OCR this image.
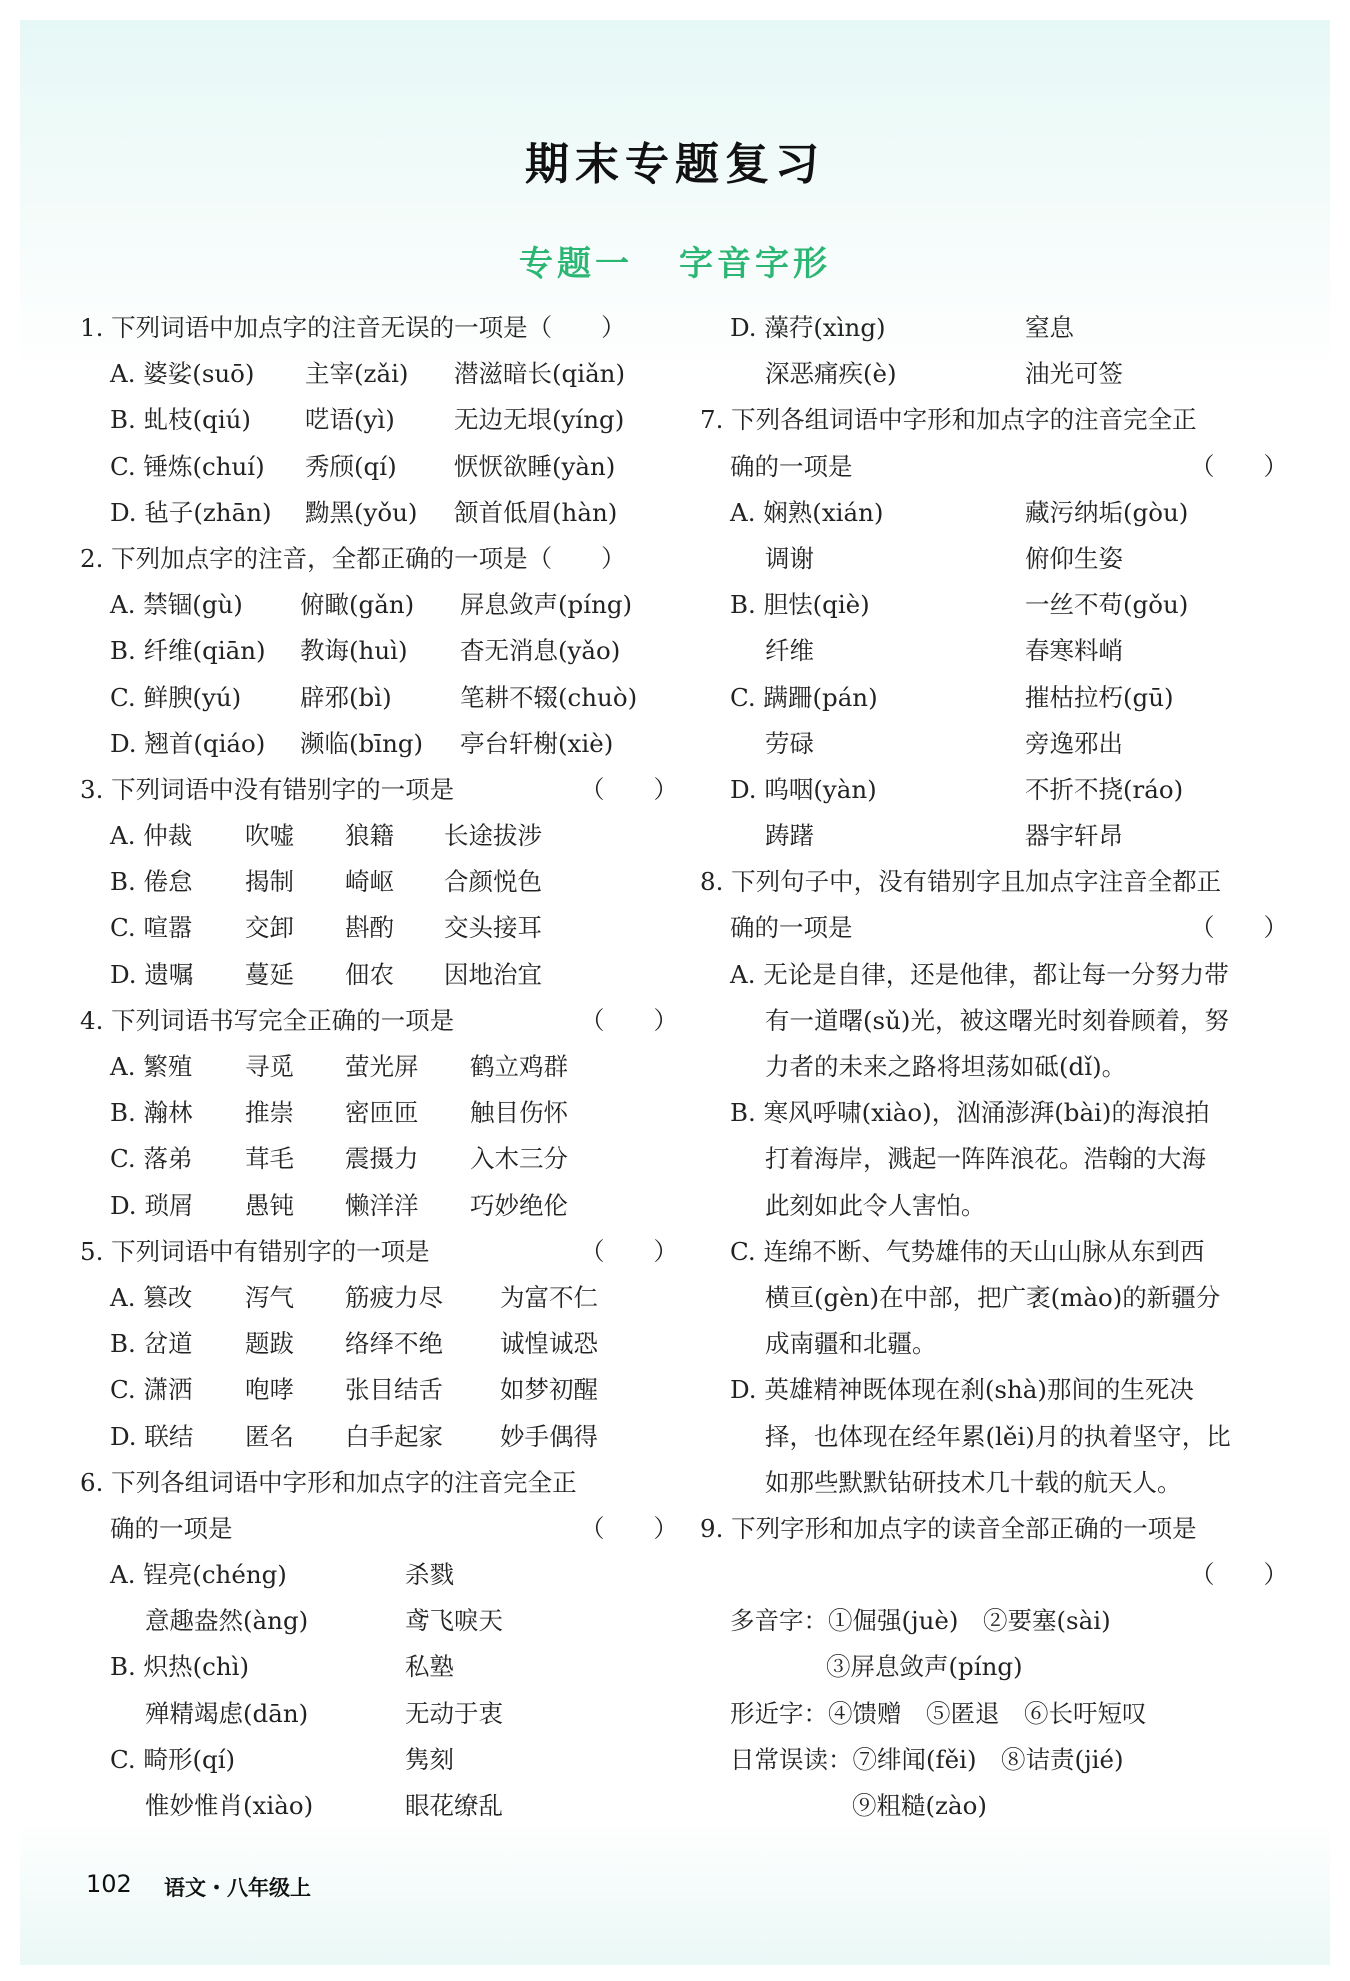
期末专题复习
专题一 字音字形
1. 下列词语中加点字的注音无误的一项是（　　）
A. 婆娑(suō) 主宰(zǎi) 潜滋暗长(qiǎn)
B. 虬枝(qiú) 呓语(yì) 无边无垠(yíng)
C. 锤炼(chuí) 秀颀(qí) 恹恹欲睡(yàn)
D. 毡子(zhān) 黝黑(yǒu) 颔首低眉(hàn)
2. 下列加点字的注音，全都正确的一项是（　　）
A. 禁锢(gù) 俯瞰(gǎn) 屏息敛声(píng)
B. 纤维(qiān) 教诲(huì) 杳无消息(yǎo)
C. 鲜腴(yú) 辟邪(bì)	笔耕不辍(chuò)
D. 翘首(qiáo) 濒临(bīng) 亭台轩榭(xiè)
3. 下列词语中没有错别字的一项是	（　　）
A. 仲裁 吹嘘 狼籍 长途拔涉
B. 倦怠 揭制 崎岖 合颜悦色
C. 喧嚣 交卸 斟酌 交头接耳
D. 遗嘱 蔓延 佃农 因地治宜
4. 下列词语书写完全正确的一项是	（　　）
A. 繁殖 寻觅 萤光屏 鹤立鸡群
B. 瀚林 推崇 密匝匝 触目伤怀
C. 落弟 茸毛 震摄力 入木三分
D. 琐屑 愚钝 懒洋洋 巧妙绝伦
5. 下列词语中有错别字的一项是	（　　）
A. 篡改 泻气 筋疲力尽 为富不仁
B. 岔道 题跋 络绎不绝 诚惶诚恐
C. 潇洒 咆哮 张目结舌 如梦初醒
D. 联结 匿名 白手起家 妙手偶得
6. 下列各组词语中字形和加点字的注音完全正
确的一项是	（　　）
A. 锃亮(chéng)	杀戮
意趣盎然(àng)	鸢飞唳天
B. 炽热(chì)	私塾
殚精竭虑(dān)	无动于衷
C. 畸形(qí)	隽刻
惟妙惟肖(xiào)	眼花缭乱
D. 藻荇(xìng)	窒息
深恶痛疾(è)	油光可签
7. 下列各组词语中字形和加点字的注音完全正
确的一项是	（　　）
A. 娴熟(xián)	藏污纳垢(gòu)
调谢	俯仰生姿
B. 胆怯(qiè)	一丝不苟(gǒu)
纤维	春寒料峭
C. 蹒跚(pán)	摧枯拉朽(gū)
劳碌	旁逸邪出
D. 呜咽(yàn)	不折不挠(ráo)
踌躇	器宇轩昂
8. 下列句子中，没有错别字且加点字注音全都正
确的一项是	（　　）
A. 无论是自律，还是他律，都让每一分努力带
有一道曙(sǔ)光，被这曙光时刻眷顾着，努
力者的未来之路将坦荡如砥(dǐ)。
B. 寒风呼啸(xiào)，汹涌澎湃(bài)的海浪拍
打着海岸，溅起一阵阵浪花。浩翰的大海
此刻如此令人害怕。
C. 连绵不断、气势雄伟的天山山脉从东到西
横亘(gèn)在中部，把广袤(mào)的新疆分
成南疆和北疆。
D. 英雄精神既体现在刹(shà)那间的生死决
择，也体现在经年累(lěi)月的执着坚守，比
如那些默默钻研技术几十载的航天人。
9. 下列字形和加点字的读音全部正确的一项是
（　　）
多音字：①倔强(juè)　②要塞(sài)
③屏息敛声(píng)
形近字：④馈赠　⑤匿退　⑥长吁短叹
日常误读：⑦绯闻(fěi)　⑧诘责(jié)
⑨粗糙(zào)
102 语文・八年级上
